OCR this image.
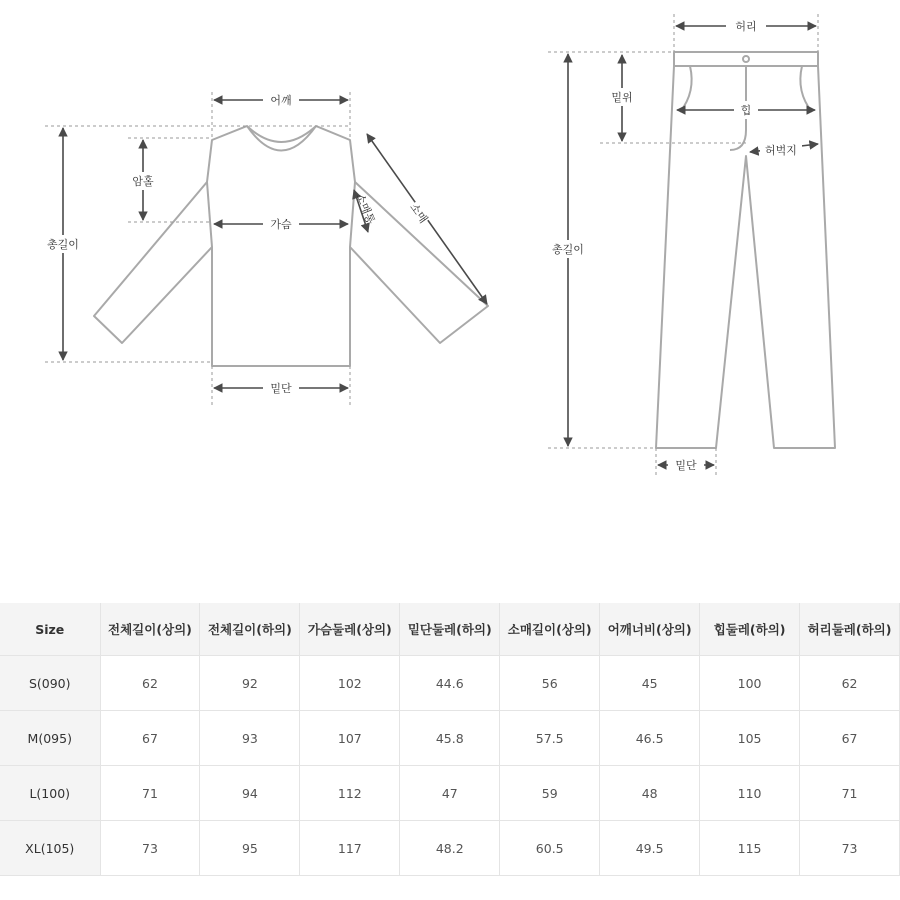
어깨
암홀
총길이
가슴	소매통	소매
밑단
허리
밑위
힙
허벅지
총길이
밑단
Size	전체길이(상의)	전체길이(하의)	가슴둘레(상의)	밑단둘레(하의)	소매길이(상의)	어깨너비(상의)	힙둘레(하의)	허리둘레(하의)
S(090)	62	92	102	44.6	56	45	100	62
M(095)	67	93	107	45.8	57.5	46.5	105	67
L(100)	71	94	112	47	59	48	110	71
XL(105)	73	95	117	48.2	60.5	49.5	115	73
